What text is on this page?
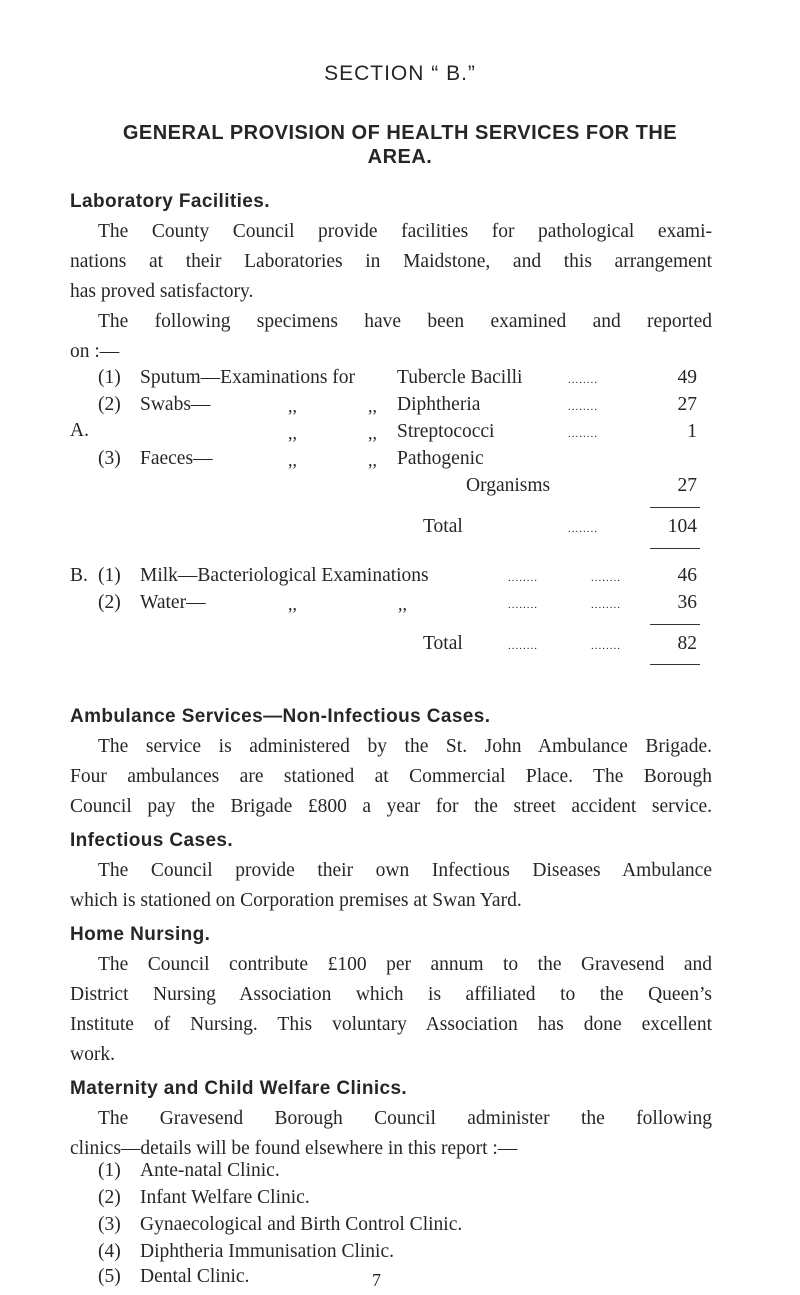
SECTION “ B.”
GENERAL PROVISION OF HEALTH SERVICES FOR THE
AREA.
Laboratory Facilities.
The County Council provide facilities for pathological exami-
nations at their Laboratories in Maidstone, and this arrangement
has proved satisfactory.
The following specimens have been examined and reported
on :—
A.
(1) Sputum—Examinations for Tubercle Bacilli	........	49
(2) Swabs—	,,	,, Diphtheria	........	27
,,	,, Streptococci	........	1
(3) Faeces—	,,	,, Pathogenic
Organisms	27
Total	........	104
B. (1) Milk—Bacteriological Examinations	........	........	46
(2) Water—	,,	,,	........	........	36
Total	........	........	82
Ambulance Services—Non-Infectious Cases.
The service is administered by the St. John Ambulance Brigade.
Four ambulances are stationed at Commercial Place. The Borough
Council pay the Brigade £800 a year for the street accident service.
Infectious Cases.
The Council provide their own Infectious Diseases Ambulance
which is stationed on Corporation premises at Swan Yard.
Home Nursing.
The Council contribute £100 per annum to the Gravesend and
District Nursing Association which is affiliated to the Queen’s
Institute of Nursing. This voluntary Association has done excellent
work.
Maternity and Child Welfare Clinics.
The Gravesend Borough Council administer the following
clinics—details will be found elsewhere in this report :—
(1) Ante-natal Clinic.
(2) Infant Welfare Clinic.
(3) Gynaecological and Birth Control Clinic.
(4) Diphtheria Immunisation Clinic.
(5) Dental Clinic.	7
